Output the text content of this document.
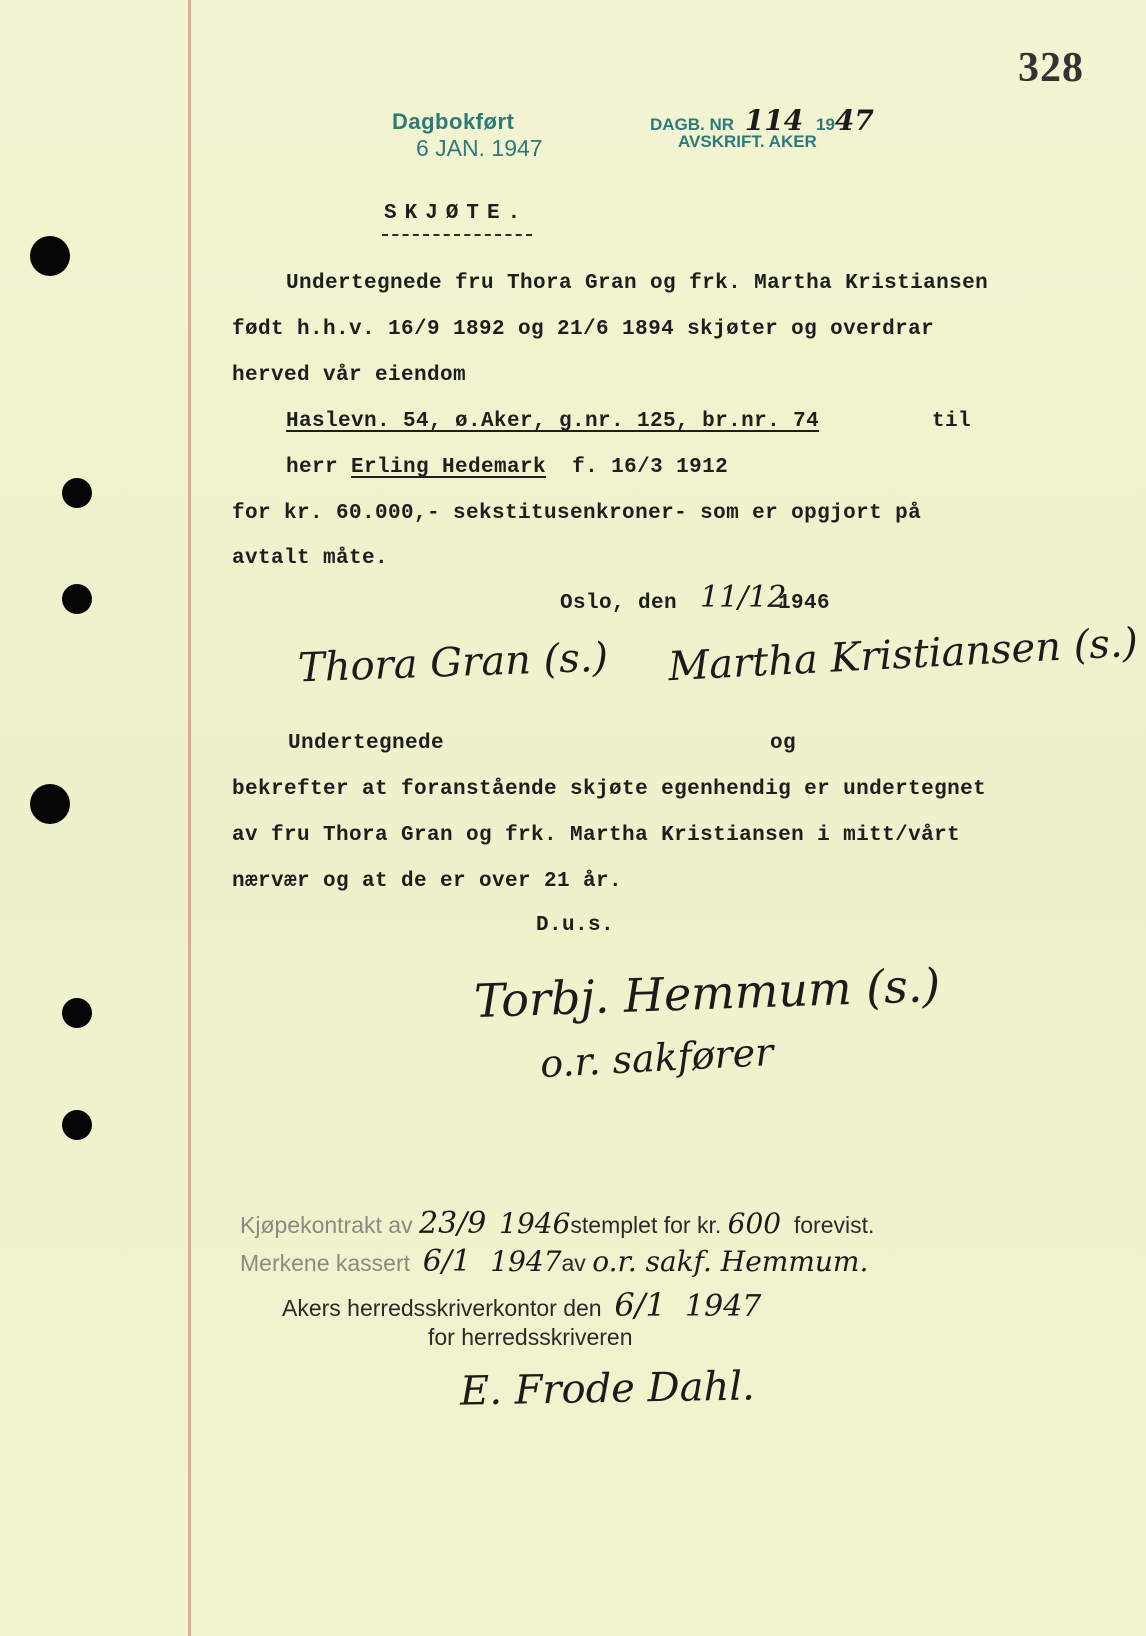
328
Dagbokført
6 JAN. 1947
DAGB. NR 114 1947
AVSKRIFT. AKER
SKJØTE.
Undertegnede fru Thora Gran og frk. Martha Kristiansen
født h.h.v. 16/9 1892 og 21/6 1894 skjøter og overdrar
herved vår eiendom
Haslevn. 54, ø.Aker, g.nr. 125, br.nr. 74	til
herr Erling Hedemark f. 16/3 1912
for kr. 60.000,- sekstitusenkroner- som er opgjort på
avtalt måte.
Oslo, den 11/12
1946
Thora Gran (s.) Martha Kristiansen (s.)
Undertegnede	og
bekrefter at foranstående skjøte egenhendig er undertegnet
av fru Thora Gran og frk. Martha Kristiansen i mitt/vårt
nærvær og at de er over 21 år.
D.u.s.
Torbj. Hemmum (s.)
o.r. sakfører
Kjøpekontrakt av 23/9 1946stemplet for kr. 600 forevist.
Merkene kassert 6/1 1947av o.r. sakf. Hemmum.
Akers herredsskriverkontor den 6/1 1947
for herredsskriveren
E. Frode Dahl.
